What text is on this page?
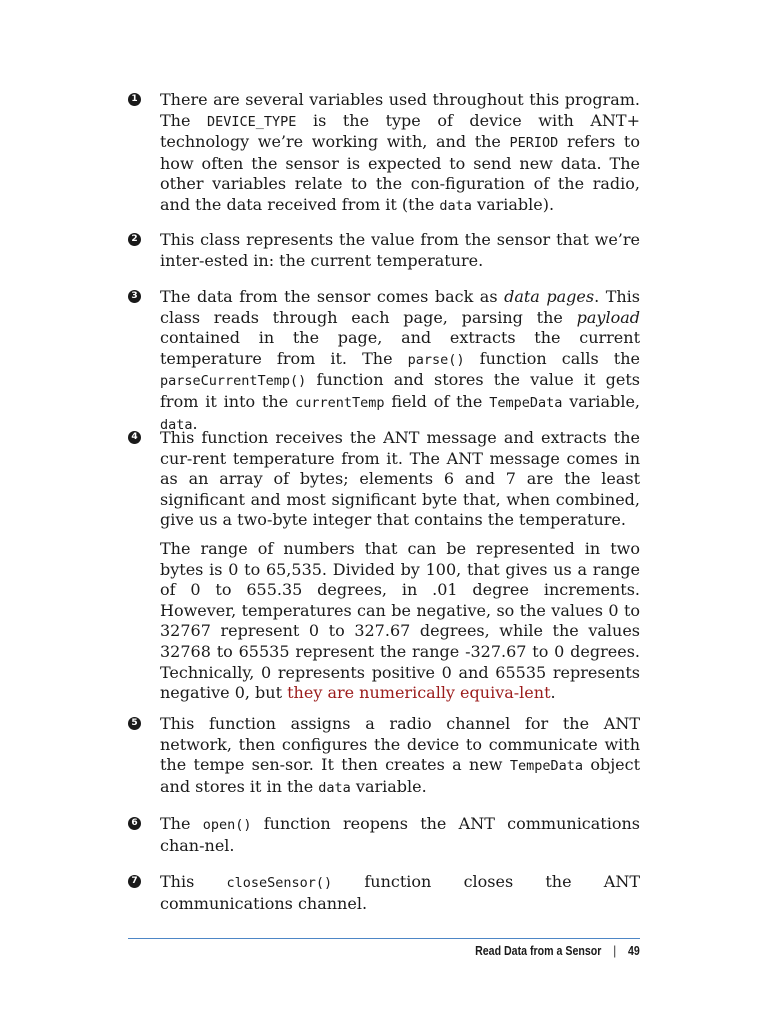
1 There are several variables used throughout this program. The DEVICE_TYPE is the type of device with ANT+ technology we’re working with, and the PERIOD refers to how often the sensor is expected to send new data. The other variables relate to the con-figuration of the radio, and the data received from it (the data variable).

2 This class represents the value from the sensor that we’re inter-ested in: the current temperature.

3 The data from the sensor comes back as data pages. This class reads through each page, parsing the payload contained in the page, and extracts the current temperature from it. The parse() function calls the parseCurrentTemp() function and stores the value it gets from it into the currentTemp field of the TempeData variable, data.

4 This function receives the ANT message and extracts the cur-rent temperature from it. The ANT message comes in as an array of bytes; elements 6 and 7 are the least significant and most significant byte that, when combined, give us a two-byte integer that contains the temperature.

The range of numbers that can be represented in two bytes is 0 to 65,535. Divided by 100, that gives us a range of 0 to 655.35 degrees, in .01 degree increments. However, temperatures can be negative, so the values 0 to 32767 represent 0 to 327.67 degrees, while the values 32768 to 65535 represent the range -327.67 to 0 degrees. Technically, 0 represents positive 0 and 65535 represents negative 0, but they are numerically equiva-lent.

5 This function assigns a radio channel for the ANT network, then configures the device to communicate with the tempe sen-sor. It then creates a new TempeData object and stores it in the data variable.

6 The open() function reopens the ANT communications chan-nel.

7 This closeSensor() function closes the ANT communications channel.

Read Data from a Sensor | 49
